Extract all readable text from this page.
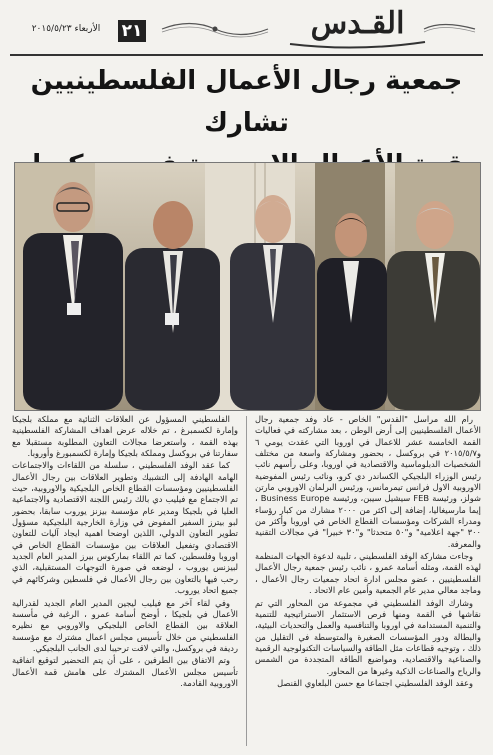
الأربعاء ٢٠١٥/٥/٢٣	٢١	القـدس
جمعية رجال الأعمال الفلسطينيين تشارك

رام الله مراسل "القدس" الخاص - عاد وفد جمعية رجال الأعمال الفلسطينيين إلى أرض الوطن ، بعد مشاركته في فعاليات القمة الخامسة عشر للاعمال في اوروبا التي عقدت يومي ٦ و٢٠١٥/٥/٧ في بروكسل ، بحضور ومشاركة واسعة من مختلف الشخصيات الدبلوماسية والاقتصادية في اوروبا، وعلى رأسهم نائب رئيس الوزراء البلجيكي الكساندر دي كرو، ونائب رئيس المفوضية الاوروبية الاول فرانس تيمرمانس، ورئيس البرلمان الاوروبي مارتن شولز، ورئيسة FEB سيشيل سيبن، ورئيسة Business Europe ، إيما مارسيغاليا، إضافة إلى اكثر من ٢٠٠٠ مشارك من كبار رؤساء ومدراء الشركات ومؤسسات القطاع الخاص في اوروبا وأكثر من ٣٠٠ "جهة اعلامية" و"٥٠ متحدثا" و"٣٠ خبيرا" في مجالات التقنية والمعرفة.

وجاءت مشاركة الوفد الفلسطيني ، تلبية لدعوة الجهات المنظمة لهذه القمة، ومثله أسامة عمرو ، نائب رئيس جمعية رجال الأعمال الفلسطينيين ، عضو مجلس ادارة اتحاد جمعيات رجال الأعمال ، وماجد معالي مدير عام الجمعية وأمين عام الاتحاد .

وشارك الوفد الفلسطيني في مجموعة من المحاور التي تم نقاشها في القمة ومنها فرص الاستثمار الاستراتيجية للتنمية والتنمية المستدامة في اوروبا والتنافسية والعمل والتحديات البيئية، والبطالة ودور المؤسسات الصغيرة والمتوسطة في التقليل من ذلك ، وتوجيه قطاعات مثل الطاقة والسياسات التكنولوجية الرقمية والصناعية والاقتصادية، ومواضيع الطاقة المتجددة من الشمس والرياح والصناعات الذكية وغيرها من المحاور.

وعقد الوفد الفلسطيني اجتماعا مع حسن البلعاوي القنصل

الفلسطيني المسؤول عن العلاقات الثنائية مع مملكة بلجيكا وإمارة لكسمبرغ ، تم خلاله عرض اهداف المشاركة الفلسطينية بهذه القمة ، واستعرضا مجالات التعاون المطلوبة مستقبلا مع سفارتنا في بروكسل ومملكة بلجيكا وإمارة لكسمبورغ وأوروبا.

كما عقد الوفد الفلسطيني ، سلسلة من اللقاءات والاجتماعات الهامة الهادفة إلى التشبيك وتطوير العلاقات بين رجال الأعمال الفلسطينيين ومؤسسات القطاع الخاص البلجيكية والاوروبية، حيث تم الاجتماع مع فيليب دي بالك رئيس اللجنة الاقتصادية والاجتماعية العليا في بلجيكا ومدير عام مؤسسة بيزنز يوروب سابقا، بحضور لبو بيترز السفير المفوض في وزارة الخارجية البلجيكية مسؤول تطوير التعاون الدولي، اللذين اوضحا اهمية ايجاد آليات للتعاون الاقتصادي وتفعيل العلاقات بين مؤسسات القطاع الخاص في اوروبا وفلسطين، كما تم اللقاء بماركوس بيرز المدير العام الجديد لبيزنس يوروب ، لوضعه في صورة التوجهات المستقبلية، الذي رحب فيها بالتعاون بين رجال الأعمال في فلسطين وشركائهم في جميع اتحاد يوروب.

وفي لقاء آخر مع فيليب ليجين المدير العام الجديد لقدرالية الأعمال في بلجيكا ، أوضح أسامة عمرو ، الرغبة في مأسسة العلاقة بين القطاع الخاص البلجيكي والاوروبي مع نظيره الفلسطيني من خلال تأسيس مجلس اعمال مشترك مع مؤسسة رديفة في بروكسل، والتي لاقت ترحيبا لدى الجانب البلجيكي.

وتم الاتفاق بين الطرفين ، على أن يتم التحضير لتوقيع اتفاقية تأسيس مجلس الأعمال المشترك على هامش قمة الأعمال الاوروبية القادمة.
